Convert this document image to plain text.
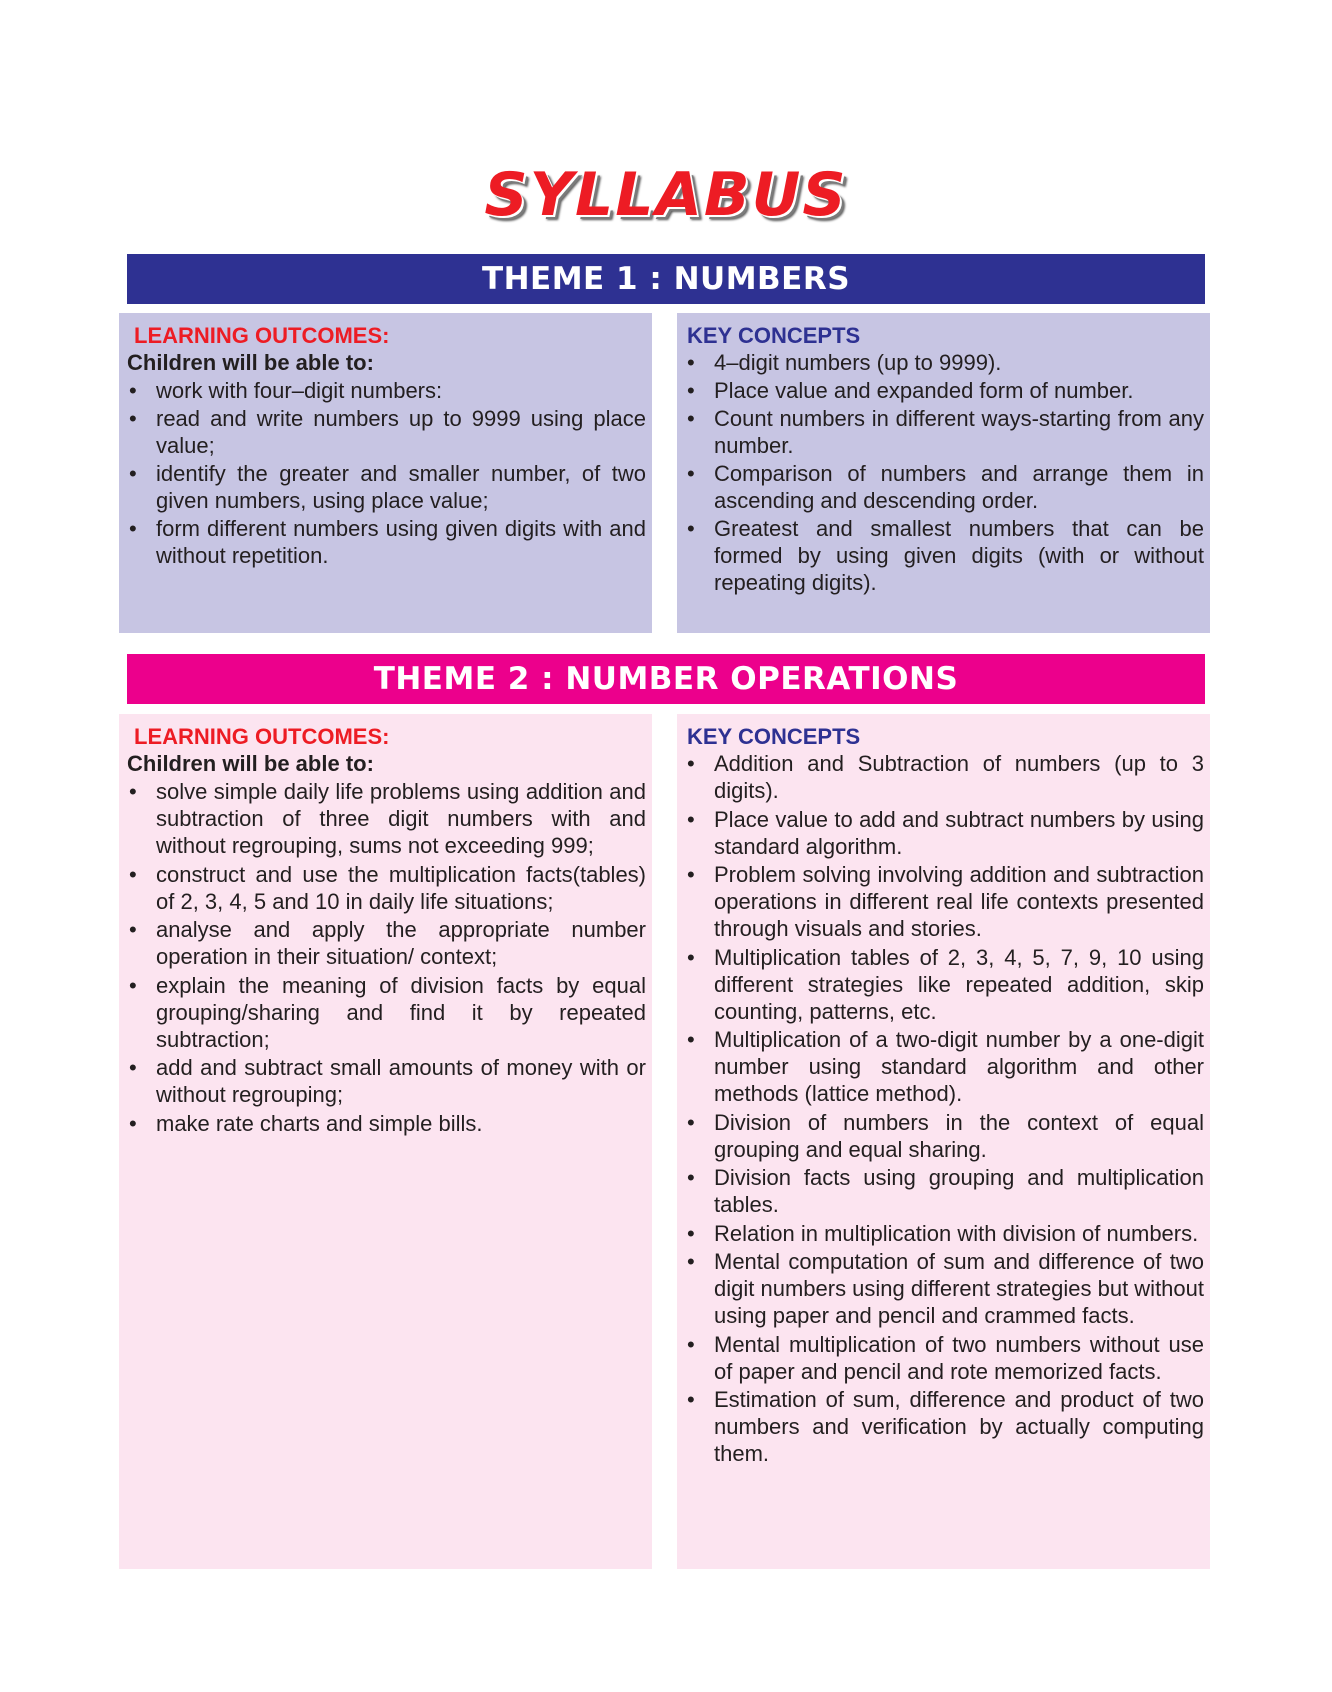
SYLLABUS
THEME 1 : NUMBERS
LEARNING OUTCOMES:
Children will be able to:
• work with four–digit numbers:
• read and write numbers up to 9999 using place value;
• identify the greater and smaller number, of two given numbers, using place value;
• form different numbers using given digits with and without repetition.
KEY CONCEPTS
• 4–digit numbers (up to 9999).
• Place value and expanded form of number.
• Count numbers in different ways-starting from any number.
• Comparison of numbers and arrange them in ascending and descending order.
• Greatest and smallest numbers that can be formed by using given digits (with or without repeating digits).
THEME 2 : NUMBER OPERATIONS
LEARNING OUTCOMES:
Children will be able to:
• solve simple daily life problems using addition and subtraction of three digit numbers with and without regrouping, sums not exceeding 999;
• construct and use the multiplication facts(tables) of 2, 3, 4, 5 and 10 in daily life situations;
• analyse and apply the appropriate number operation in their situation/ context;
• explain the meaning of division facts by equal grouping/sharing and find it by repeated subtraction;
• add and subtract small amounts of money with or without regrouping;
• make rate charts and simple bills.
KEY CONCEPTS
• Addition and Subtraction of numbers (up to 3 digits).
• Place value to add and subtract numbers by using standard algorithm.
• Problem solving involving addition and subtraction operations in different real life contexts presented through visuals and stories.
• Multiplication tables of 2, 3, 4, 5, 7, 9, 10 using different strategies like repeated addition, skip counting, patterns, etc.
• Multiplication of a two-digit number by a one-digit number using standard algorithm and other methods (lattice method).
• Division of numbers in the context of equal grouping and equal sharing.
• Division facts using grouping and multiplication tables.
• Relation in multiplication with division of numbers.
• Mental computation of sum and difference of two digit numbers using different strategies but without using paper and pencil and crammed facts.
• Mental multiplication of two numbers without use of paper and pencil and rote memorized facts.
• Estimation of sum, difference and product of two numbers and verification by actually computing them.
